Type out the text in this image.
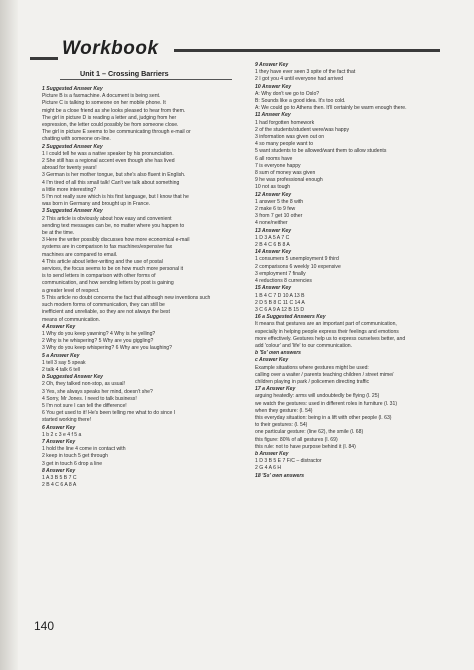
Workbook
Unit 1 – Crossing Barriers

1 Suggested Answer Key

Picture B is a faxmachine. A document is being sent.

Picture C is talking to someone on her mobile phone. It

might be a close friend as she looks pleased to hear from them.

The girl in picture D is reading a letter and, judging from her

expression, the letter could possibly be from someone close.

The girl in picture E seems to be communicating through e-mail or

chatting with someone on-line.

2 Suggested Answer Key

1 I could tell he was a native speaker by his pronunciation.

2 She still has a regional accent even though she has lived

abroad for twenty years!

3 German is her mother tongue, but she's also fluent in English.

4 I'm tired of all this small talk! Can't we talk about something

a little more interesting?

5 I'm not really sure which is his first language, but I know that he

was born in Germany and brought up in France.

3 Suggested Answer Key

2 This article is obviously about how easy and convenient

sending text messages can be, no matter where you happen to

be at the time.

3 Here the writer possibly discusses how more economical e-mail

systems are in comparison to fax machines/expensive fax

machines are compared to email.

4 This article about letter-writing and the use of postal

services, the focus seems to be on how much more personal it

is to send letters in comparison with other forms of

communication, and how sending letters by post is gaining

a greater level of respect.

5 This article no doubt concerns the fact that although new inventions such

such modern forms of communication, they can still be

inefficient and unreliable, so they are not always the best

means of communication.

4 Answer Key

1 Why do you keep yawning? 4 Why is he yelling?

2 Why is he whispering? 5 Why are you giggling?

3 Why do you keep whispering? 6 Why are you laughing?

5 a Answer Key

1 tell 3 say 5 speak

2 talk 4 talk 6 tell

b Suggested Answer Key

2 Oh, they talked non-stop, as usual!

3 Yes, she always speaks her mind, doesn't she?

4 Sorry, Mr Jones. I need to talk business!

5 I'm not sure I can tell the difference!

6 You get used to it! He's been telling me what to do since I

started working there!

6 Answer Key

1 b 2 c 3 e 4 f 5 a

7 Answer Key

1 hold the line 4 come in contact with

2 keep in touch 5 get through

3 get in touch 6 drop a line

8 Answer Key

1 A 3 B 5 B 7 C

2 B 4 C 6 A 8 A

9 Answer Key

1 they have ever seen 3 spite of the fact that

2 I got you 4 until everyone had arrived

10 Answer Key

A: Why don't we go to Oslo?

B: Sounds like a good idea. It's too cold.

A: We could go to Athens then. It'll certainly be warm enough there.

11 Answer Key

1 had forgotten homework

2 of the students/student were/was happy

3 information was given out on

4 so many people want to

5 want students to be allowed/want them to allow students

6 all rooms have

7 is everyone happy

8 sum of money was given

9 he was professional enough

10 not as tough

12 Answer Key

1 answer 5 the 8 with

2 make 6 to 9 few

3 from 7 get 10 other

4 none/neither

13 Answer Key

1 D 3 A 5 A 7 C

2 B 4 C 6 B 8 A

14 Answer Key

1 consumers 5 unemployment 9 third

2 comparisons 6 weekly 10 expensive

3 employment 7 finally

4 reductions 8 currencies

15 Answer Key

1 B 4 C 7 D 10 A 13 B

2 D 5 B 8 C 11 C 14 A

3 C 6 A 9 A 12 B 15 D

16 a Suggested Answers Key

It means that gestures are an important part of communication,

especially in helping people express their feelings and emotions

more effectively. Gestures help us to express ourselves better, and

add 'colour' and 'life' to our communication.

b '5s' own answers

c Answer Key

Example situations where gestures might be used:

calling over a waiter / parents teaching children / street mime/

children playing in park / policemen directing traffic

17 a Answer Key

arguing heatedly: arms will undoubtedly be flying (l. 25)

we watch the gestures: used in different roles in furniture (l. 31)

when they gesture: (l. 54)

this everyday situation: being in a lift with other people (l. 63)

to their gestures: (l. 54)

one particular gesture: (line 62), the smile (l. 68)

this figure: 80% of all gestures (l. 69)

this rule: not to have purpose behind it (l. 84)

b Answer Key

1 D 3 B 5 E 7 F/C – distractor

2 G 4 A 6 H

18 'Ss' own answers

140
